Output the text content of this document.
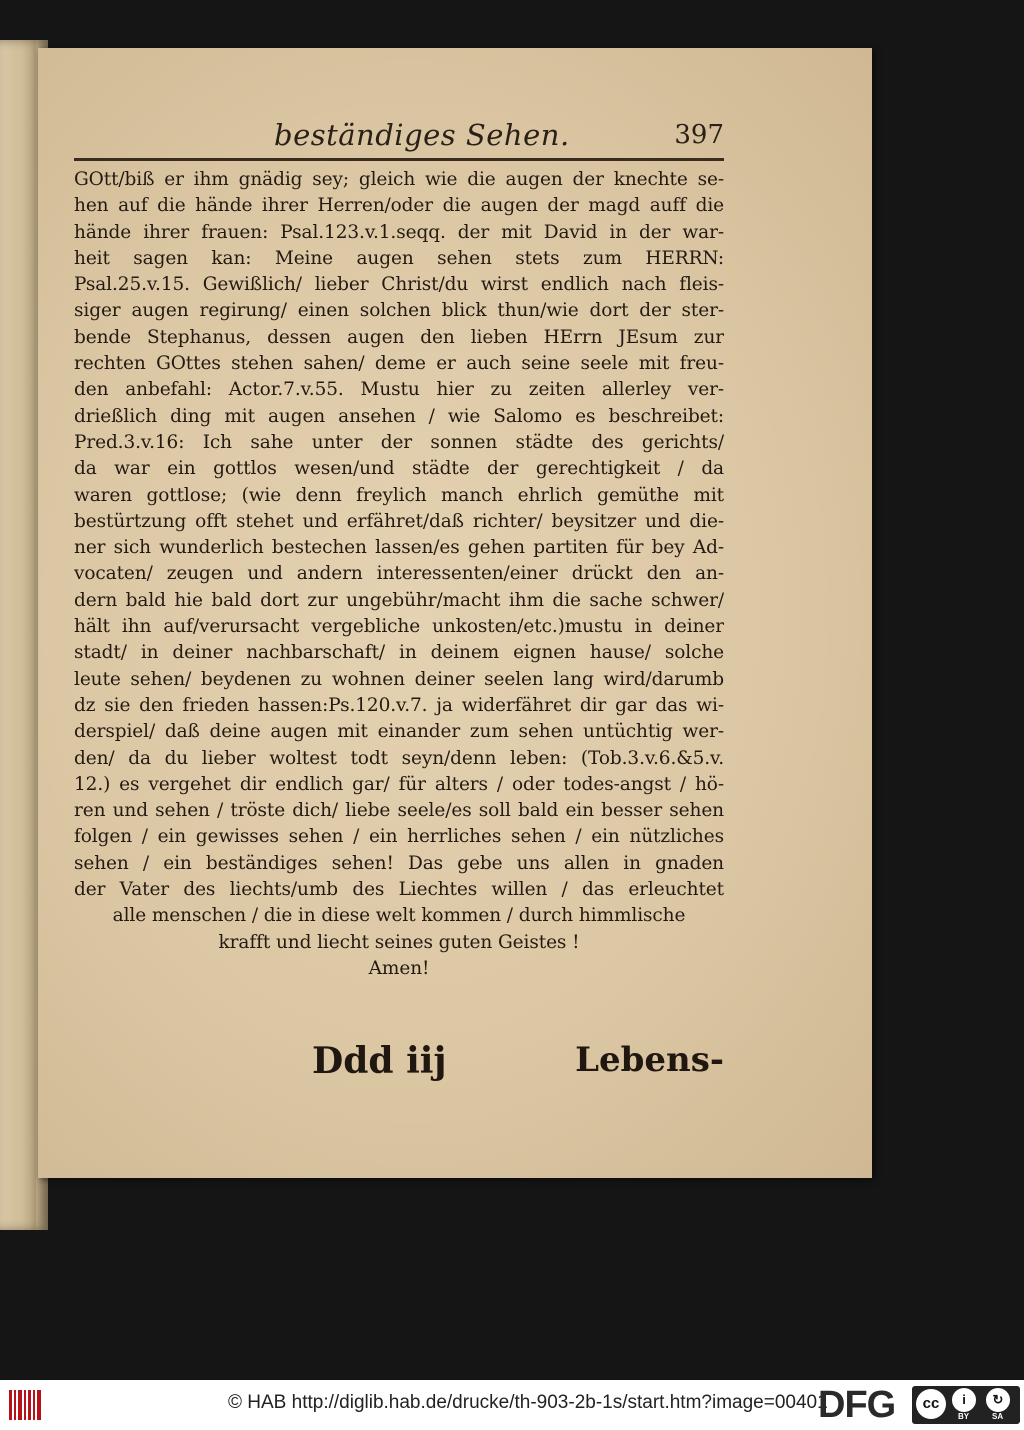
beständiges Sehen.	397
GOtt/biß er ihm gnädig sey; gleich wie die augen der knechte se-
hen auf die hände ihrer Herren/oder die augen der magd auff die
hände ihrer frauen: Psal.123.v.1.seqq. der mit David in der war-
heit sagen kan: Meine augen sehen stets zum HERRN:
Psal.25.v.15. Gewißlich/ lieber Christ/du wirst endlich nach fleis-
siger augen regirung/ einen solchen blick thun/wie dort der ster-
bende Stephanus, dessen augen den lieben HErrn JEsum zur
rechten GOttes stehen sahen/ deme er auch seine seele mit freu-
den anbefahl: Actor.7.v.55. Mustu hier zu zeiten allerley ver-
drießlich ding mit augen ansehen / wie Salomo es beschreibet:
Pred.3.v.16: Ich sahe unter der sonnen städte des gerichts/
da war ein gottlos wesen/und städte der gerechtigkeit / da
waren gottlose; (wie denn freylich manch ehrlich gemüthe mit
bestürtzung offt stehet und erfähret/daß richter/ beysitzer und die-
ner sich wunderlich bestechen lassen/es gehen partiten für bey Ad-
vocaten/ zeugen und andern interessenten/einer drückt den an-
dern bald hie bald dort zur ungebühr/macht ihm die sache schwer/
hält ihn auf/verursacht vergebliche unkosten/etc.)mustu in deiner
stadt/ in deiner nachbarschaft/ in deinem eignen hause/ solche
leute sehen/ beydenen zu wohnen deiner seelen lang wird/darumb
dz sie den frieden hassen:Ps.120.v.7. ja widerfähret dir gar das wi-
derspiel/ daß deine augen mit einander zum sehen untüchtig wer-
den/ da du lieber woltest todt seyn/denn leben: (Tob.3.v.6.&5.v.
12.) es vergehet dir endlich gar/ für alters / oder todes-angst / hö-
ren und sehen / tröste dich/ liebe seele/es soll bald ein besser sehen
folgen / ein gewisses sehen / ein herrliches sehen / ein nützliches
sehen / ein beständiges sehen! Das gebe uns allen in gnaden
der Vater des liechts/umb des Liechtes willen / das erleuchtet
alle menschen / die in diese welt kommen / durch himmlische
krafft und liecht seines guten Geistes !
Amen!
Ddd iij	Lebens-
© HAB http://diglib.hab.de/drucke/th-903-2b-1s/start.htm?image=00401
DFG	cc	i
BY
↻
SA
